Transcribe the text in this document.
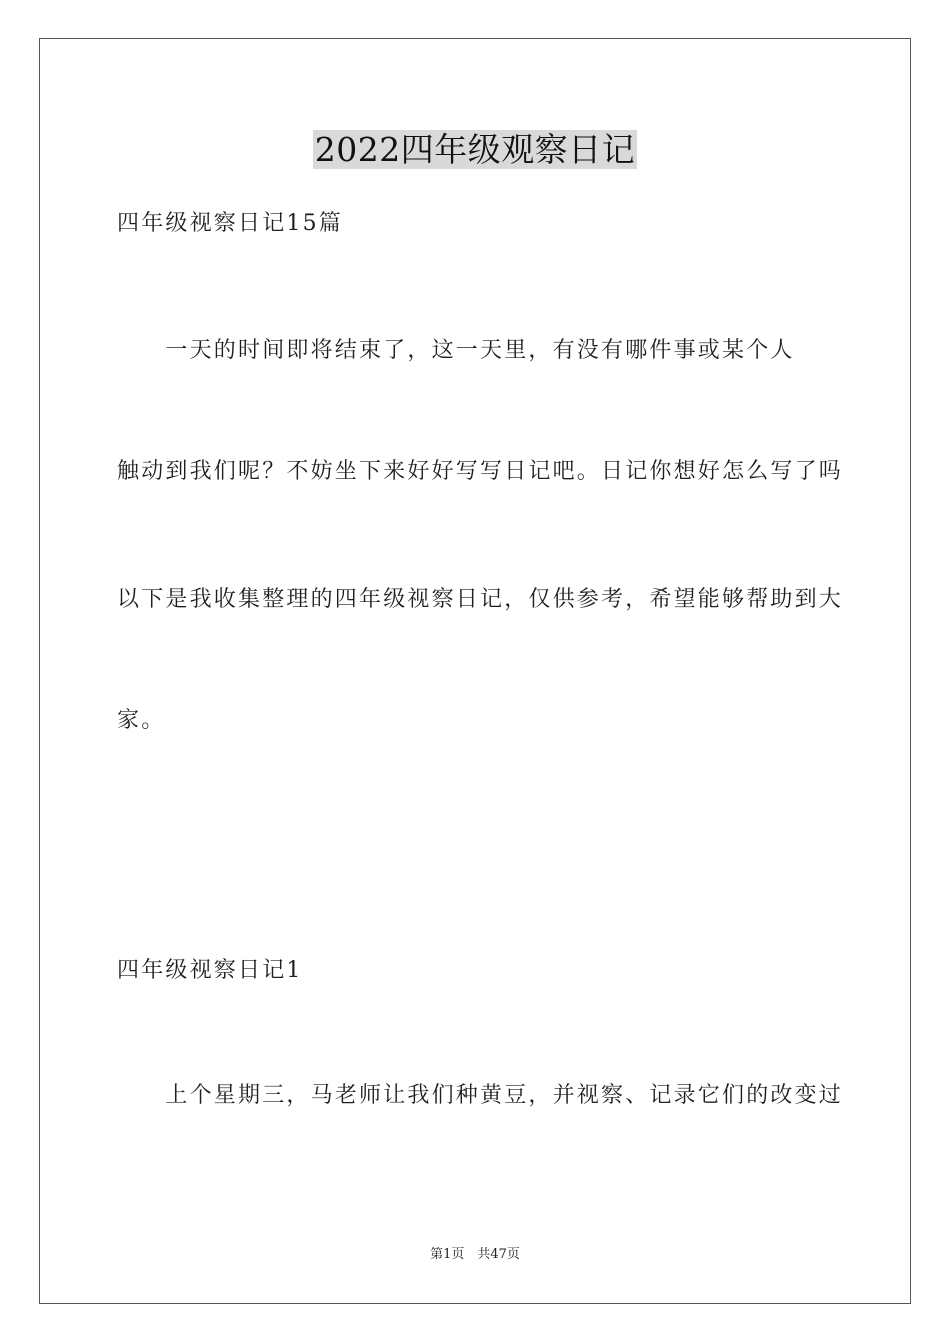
2022四年级观察日记
四年级视察日记15篇
　　一天的时间即将结束了，这一天里，有没有哪件事或某个人
触动到我们呢？不妨坐下来好好写写日记吧。日记你想好怎么写了吗
以下是我收集整理的四年级视察日记，仅供参考，希望能够帮助到大
家。
四年级视察日记1
　　上个星期三，马老师让我们种黄豆，并视察、记录它们的改变过
第1页　共47页
